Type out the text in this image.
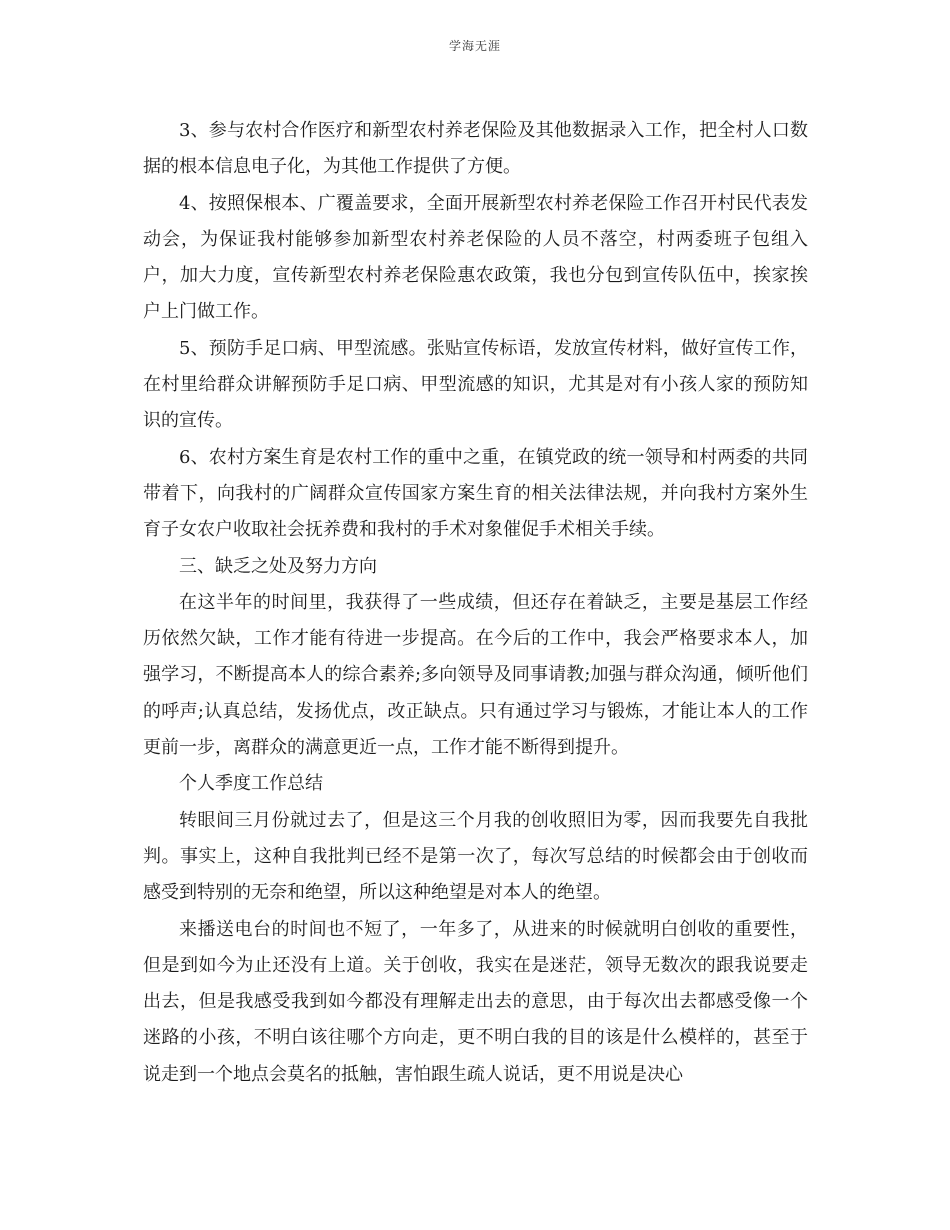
学海无涯

3、参与农村合作医疗和新型农村养老保险及其他数据录入工作，把全村人口数据的根本信息电子化，为其他工作提供了方便。

4、按照保根本、广覆盖要求，全面开展新型农村养老保险工作召开村民代表发动会，为保证我村能够参加新型农村养老保险的人员不落空，村两委班子包组入户，加大力度，宣传新型农村养老保险惠农政策，我也分包到宣传队伍中，挨家挨户上门做工作。

5、预防手足口病、甲型流感。张贴宣传标语，发放宣传材料，做好宣传工作，在村里给群众讲解预防手足口病、甲型流感的知识，尤其是对有小孩人家的预防知识的宣传。

6、农村方案生育是农村工作的重中之重，在镇党政的统一领导和村两委的共同带着下，向我村的广阔群众宣传国家方案生育的相关法律法规，并向我村方案外生育子女农户收取社会抚养费和我村的手术对象催促手术相关手续。

三、缺乏之处及努力方向

在这半年的时间里，我获得了一些成绩，但还存在着缺乏，主要是基层工作经历依然欠缺，工作才能有待进一步提高。在今后的工作中，我会严格要求本人，加强学习，不断提高本人的综合素养;多向领导及同事请教;加强与群众沟通，倾听他们的呼声;认真总结，发扬优点，改正缺点。只有通过学习与锻炼，才能让本人的工作更前一步，离群众的满意更近一点，工作才能不断得到提升。

个人季度工作总结

转眼间三月份就过去了，但是这三个月我的创收照旧为零，因而我要先自我批判。事实上，这种自我批判已经不是第一次了，每次写总结的时候都会由于创收而感受到特别的无奈和绝望，所以这种绝望是对本人的绝望。

来播送电台的时间也不短了，一年多了，从进来的时候就明白创收的重要性，但是到如今为止还没有上道。关于创收，我实在是迷茫，领导无数次的跟我说要走出去，但是我感受我到如今都没有理解走出去的意思，由于每次出去都感受像一个迷路的小孩，不明白该往哪个方向走，更不明白我的目的该是什么模样的，甚至于说走到一个地点会莫名的抵触，害怕跟生疏人说话，更不用说是决心
